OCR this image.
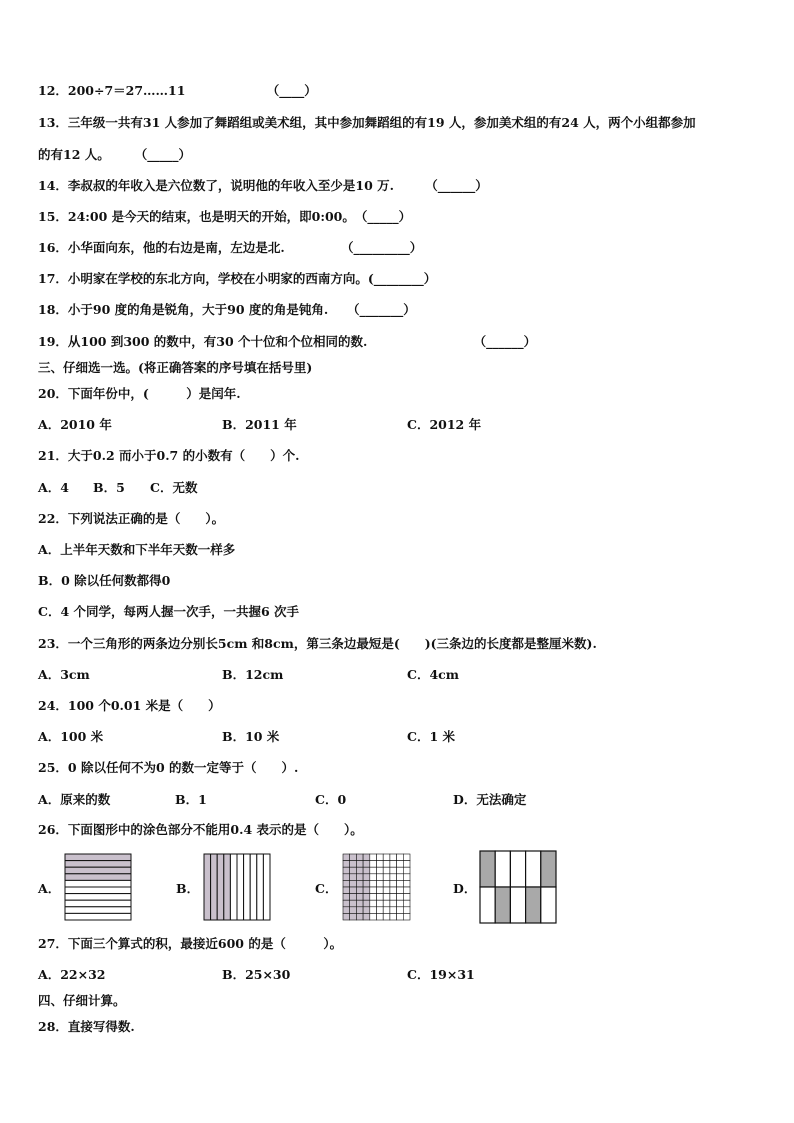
12．200÷7＝27……11　　　　　　　（____）
13．三年级一共有31 人参加了舞蹈组或美术组，其中参加舞蹈组的有19 人，参加美术组的有24 人，两个小组都参加
的有12 人。　　　（_____）
14．李叔叔的年收入是六位数了，说明他的年收入至少是10 万.　　　（______）
15．24:00 是今天的结束，也是明天的开始，即0:00。　（_____）
16．小华面向东，他的右边是南，左边是北.　　　　　（_________）
17．小明家在学校的东北方向，学校在小明家的西南方向。(________）
18．小于90 度的角是锐角，大于90 度的角是钝角.　　（_______）
19．从100 到300 的数中，有30 个十位和个位相同的数.　　　　　　　　　（______）
三、仔细选一选。(将正确答案的序号填在括号里)
20．下面年份中，(　　　）是闰年.
A．2010 年	B．2011 年	C．2012 年
21．大于0.2 而小于0.7 的小数有（　　）个.
A．4 B．5 C．无数
22．下列说法正确的是（　　）。
A．上半年天数和下半年天数一样多
B．0 除以任何数都得0
C．4 个同学，每两人握一次手，一共握6 次手
23．一个三角形的两条边分别长5cm 和8cm，第三条边最短是(　　)(三条边的长度都是整厘米数).
A．3cm	B．12cm	C．4cm
24．100 个0.01 米是（　　）
A．100 米	B．10 米	C．1 米
25．0 除以任何不为0 的数一定等于（　　）.
A．原来的数	B．1	C．0	D．无法确定
26．下面图形中的涂色部分不能用0.4 表示的是（　　）。
A．	B．	C．	D．
27．下面三个算式的积，最接近600 的是（　　　）。
A．22×32	B．25×30	C．19×31
四、仔细计算。
28．直接写得数.
